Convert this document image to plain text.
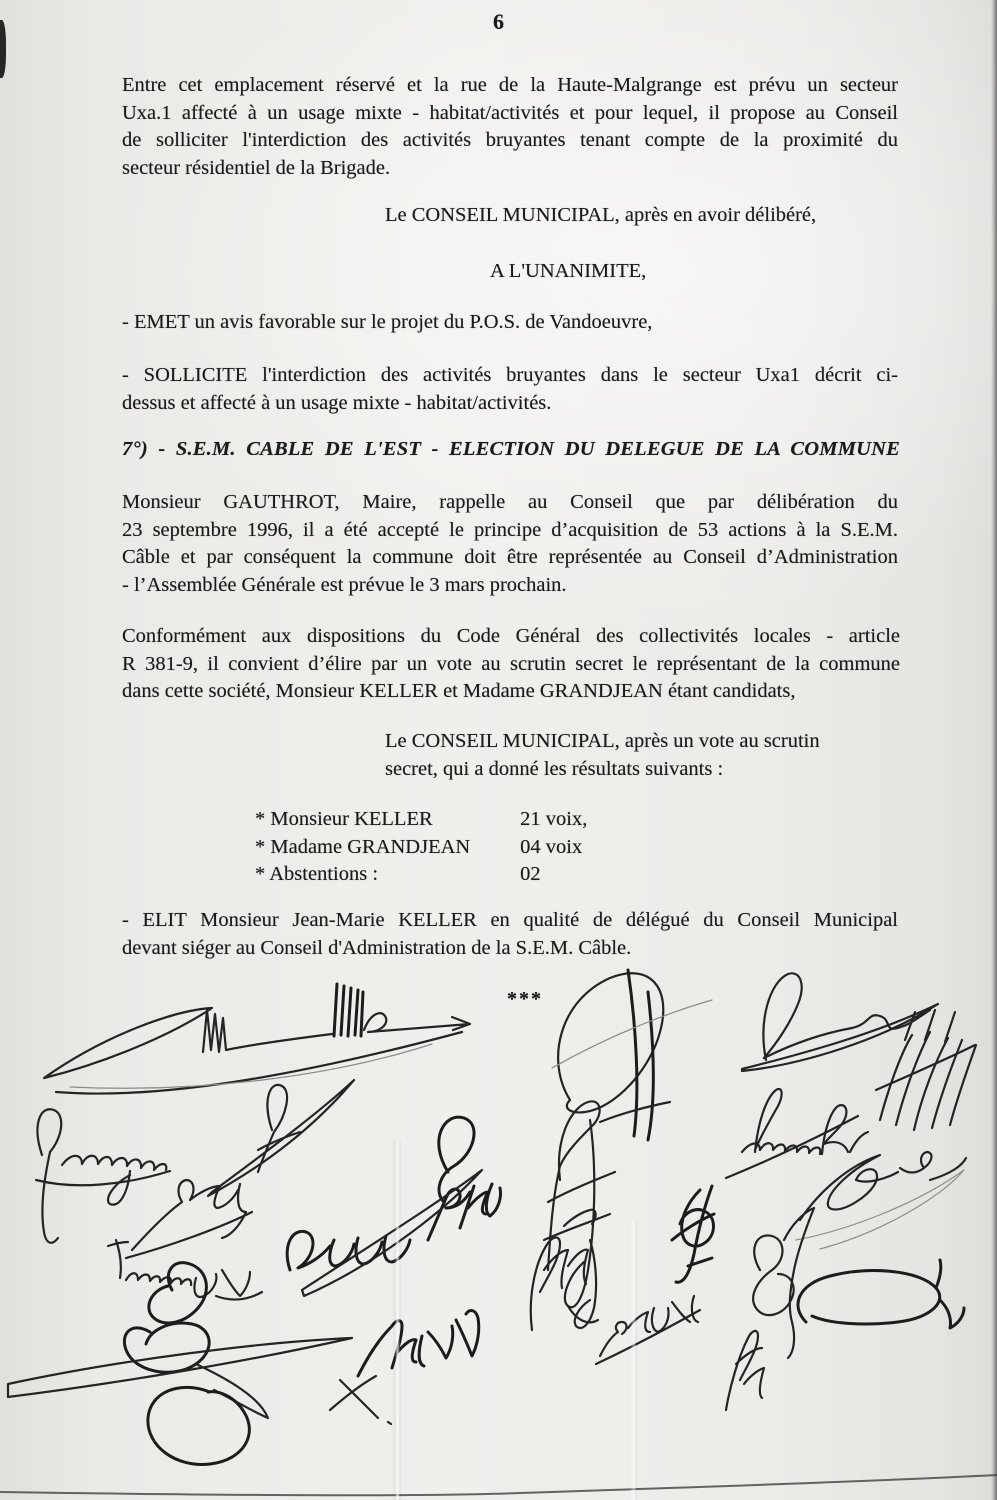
6
Entre cet emplacement réservé et la rue de la Haute-Malgrange est prévu un secteur
Uxa.1 affecté à un usage mixte - habitat/activités et pour lequel, il propose au Conseil
de solliciter l'interdiction des activités bruyantes tenant compte de la proximité du
secteur résidentiel de la Brigade.
Le CONSEIL MUNICIPAL, après en avoir délibéré,
A L'UNANIMITE,
- EMET un avis favorable sur le projet du P.O.S. de Vandoeuvre,
- SOLLICITE l'interdiction des activités bruyantes dans le secteur Uxa1 décrit ci-
dessus et affecté à un usage mixte - habitat/activités.
7°) - S.E.M. CABLE DE L'EST - ELECTION DU DELEGUE DE LA COMMUNE
Monsieur GAUTHROT, Maire, rappelle au Conseil que par délibération du
23 septembre 1996, il a été accepté le principe d’acquisition de 53 actions à la S.E.M.
Câble et par conséquent la commune doit être représentée au Conseil d’Administration
- l’Assemblée Générale est prévue le 3 mars prochain.
Conformément aux dispositions du Code Général des collectivités locales - article
R 381-9, il convient d’élire par un vote au scrutin secret le représentant de la commune
dans cette société, Monsieur KELLER et Madame GRANDJEAN étant candidats,
Le CONSEIL MUNICIPAL, après un vote au scrutin
secret, qui a donné les résultats suivants :
* Monsieur KELLER	21 voix,
* Madame GRANDJEAN 04 voix
* Abstentions :	02
- ELIT Monsieur Jean-Marie KELLER en qualité de délégué du Conseil Municipal
devant siéger au Conseil d'Administration de la S.E.M. Câble.
***
